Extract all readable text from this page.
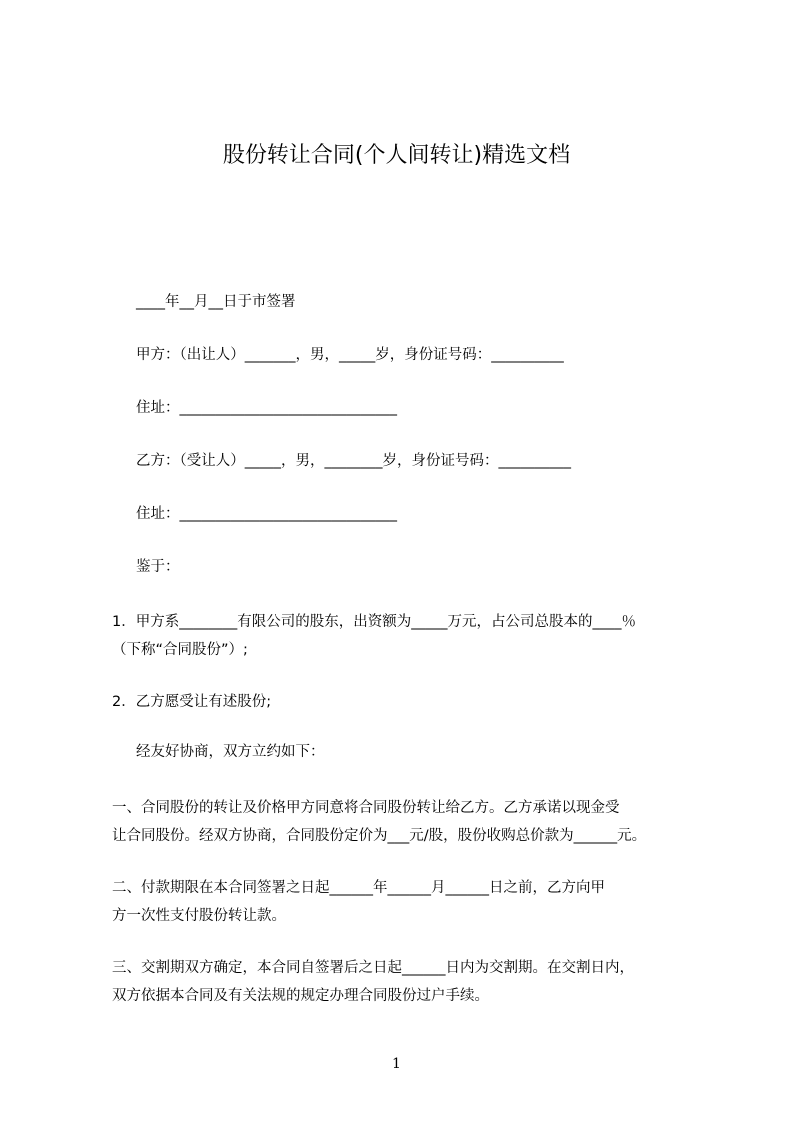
股份转让合同(个人间转让)精选文档
____年__月__日于市签署
甲方：（出让人）_______，男，_____岁，身份证号码：__________
住址：______________________________
乙方：（受让人）_____，男，________岁，身份证号码：__________
住址：______________________________
鉴于：
1．甲方系________有限公司的股东，出资额为_____万元，占公司总股本的____％
（下称“合同股份”）;
2．乙方愿受让有述股份;
经友好协商，双方立约如下：
一、合同股份的转让及价格甲方同意将合同股份转让给乙方。乙方承诺以现金受
让合同股份。经双方协商，合同股份定价为___元/股，股份收购总价款为______元。
二、付款期限在本合同签署之日起______年______月______日之前，乙方向甲
方一次性支付股份转让款。
三、交割期双方确定，本合同自签署后之日起______日内为交割期。在交割日内，
双方依据本合同及有关法规的规定办理合同股份过户手续。
1
